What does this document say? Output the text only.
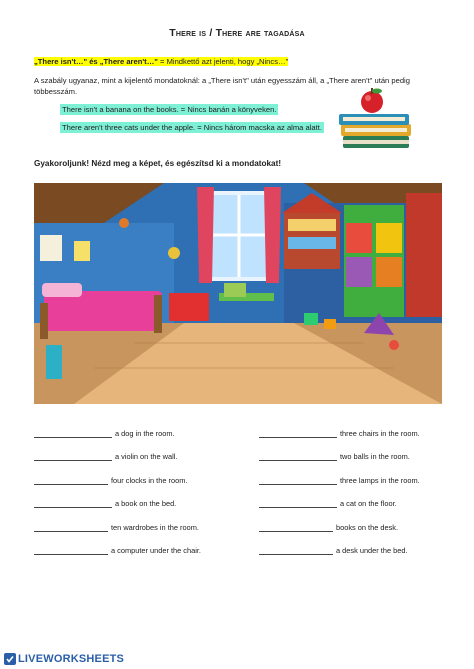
There is / There are tagadása
„There isn't…" és „There aren't…" = Mindkettő azt jelenti, hogy „Nincs…"
A szabály ugyanaz, mint a kijelentő mondatoknál: a „There isn't" után egyesszám áll, a „There aren't" után pedig többesszám.
There isn't a banana on the books. = Nincs banán a könyveken.
There aren't three cats under the apple. = Nincs három macska az alma alatt.
Gyakoroljunk! Nézd meg a képet, és egészítsd ki a mondatokat!
a dog in the room.
a violin on the wall.
four clocks in the room.
a book on the bed.
ten wardrobes in the room.
a computer under the chair.
three chairs in the room.
two balls in the room.
three lamps in the room.
a cat on the floor.
books on the desk.
a desk under the bed.
LIVEWORKSHEETS
